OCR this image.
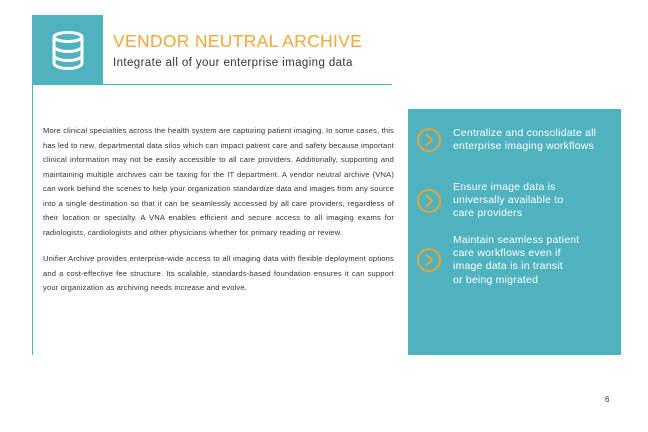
VENDOR NEUTRAL ARCHIVE
Integrate all of your enterprise imaging data

More clinical specialties across the health system are capturing patient imaging. In some cases, this has led to new, departmental data silos which can impact patient care and safety because important clinical information may not be easily accessible to all care providers. Additionally, supporting and maintaining multiple archives can be taxing for the IT department. A vendor neutral archive (VNA) can work behind the scenes to help your organization standardize data and images from any source into a single destination so that it can be seamlessly accessed by all care providers, regardless of their location or specialty. A VNA enables efficient and secure access to all imaging exams for radiologists, cardiologists and other physicians whether for primary reading or review.

Unifier Archive provides enterprise-wide access to all imaging data with flexible deployment options and a cost-effective fee structure. Its scalable, standards-based foundation ensures it can support your organization as archiving needs increase and evolve.

Centralize and consolidate all
enterprise imaging workflows
Ensure image data is
universally available to
care providers
Maintain seamless patient
care workflows even if
image data is in transit
or being migrated
6
